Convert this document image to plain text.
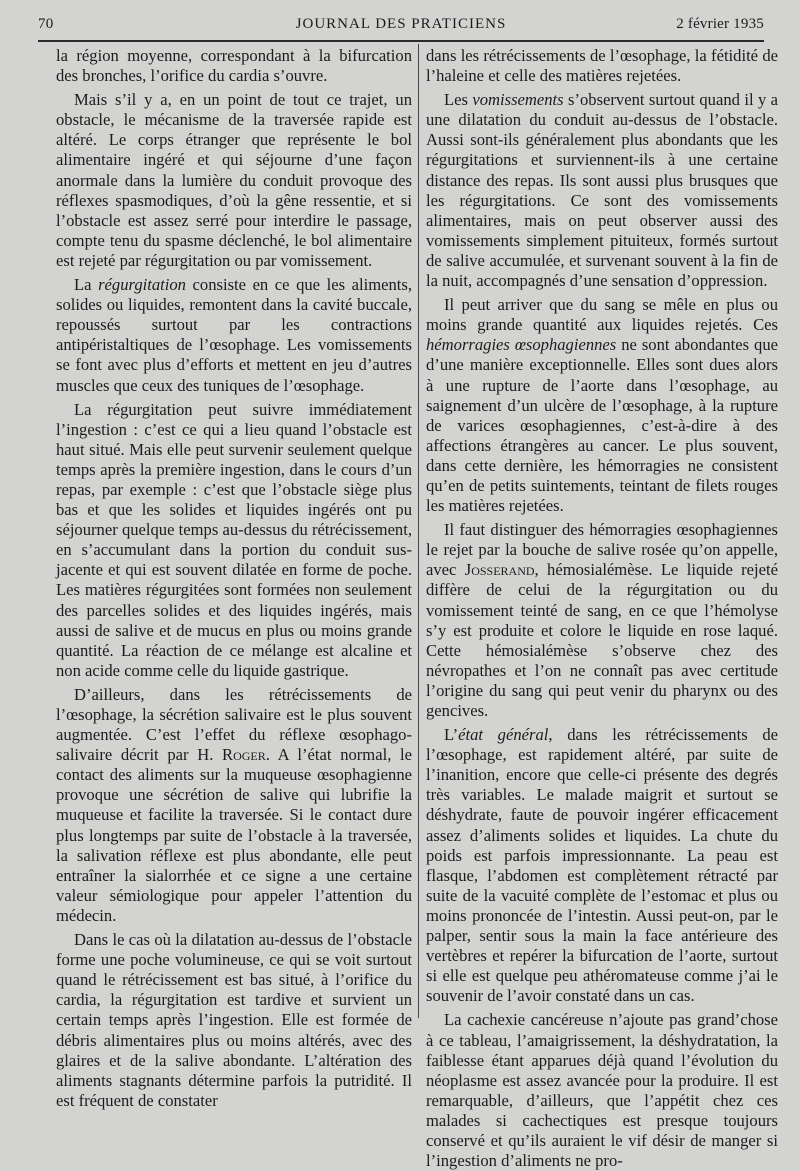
70	JOURNAL DES PRATICIENS	2 février 1935

la région moyenne, correspondant à la bifurcation des bronches, l’orifice du cardia s’ouvre.

Mais s’il y a, en un point de tout ce trajet, un obstacle, le mécanisme de la traversée rapide est altéré. Le corps étranger que représente le bol alimentaire ingéré et qui séjourne d’une façon anormale dans la lumière du conduit provoque des réflexes spasmodiques, d’où la gêne ressentie, et si l’obstacle est assez serré pour interdire le passage, compte tenu du spasme déclenché, le bol alimentaire est rejeté par régurgitation ou par vomissement.

La régurgitation consiste en ce que les aliments, solides ou liquides, remontent dans la cavité buccale, repoussés surtout par les contractions antipéristaltiques de l’œsophage. Les vomissements se font avec plus d’efforts et mettent en jeu d’autres muscles que ceux des tuniques de l’œsophage.

La régurgitation peut suivre immédiatement l’ingestion : c’est ce qui a lieu quand l’obstacle est haut situé. Mais elle peut survenir seulement quelque temps après la première ingestion, dans le cours d’un repas, par exemple : c’est que l’obstacle siège plus bas et que les solides et liquides ingérés ont pu séjourner quelque temps au-dessus du rétrécissement, en s’accumulant dans la portion du conduit sus-jacente et qui est souvent dilatée en forme de poche. Les matières régurgitées sont formées non seulement des parcelles solides et des liquides ingérés, mais aussi de salive et de mucus en plus ou moins grande quantité. La réaction de ce mélange est alcaline et non acide comme celle du liquide gastrique.

D’ailleurs, dans les rétrécissements de l’œsophage, la sécrétion salivaire est le plus souvent augmentée. C’est l’effet du réflexe œsophago-salivaire décrit par H. Roger. A l’état normal, le contact des aliments sur la muqueuse œsophagienne provoque une sécrétion de salive qui lubrifie la muqueuse et facilite la traversée. Si le contact dure plus longtemps par suite de l’obstacle à la traversée, la salivation réflexe est plus abondante, elle peut entraîner la sialorrhée et ce signe a une certaine valeur sémiologique pour appeler l’attention du médecin.

Dans le cas où la dilatation au-dessus de l’obstacle forme une poche volumineuse, ce qui se voit surtout quand le rétrécissement est bas situé, à l’orifice du cardia, la régurgitation est tardive et survient un certain temps après l’ingestion. Elle est formée de débris alimentaires plus ou moins altérés, avec des glaires et de la salive abondante. L’altération des aliments stagnants détermine parfois la putridité. Il est fréquent de constater

dans les rétrécissements de l’œsophage, la fétidité de l’haleine et celle des matières rejetées.

Les vomissements s’observent surtout quand il y a une dilatation du conduit au-dessus de l’obstacle. Aussi sont-ils généralement plus abondants que les régurgitations et surviennent-ils à une certaine distance des repas. Ils sont aussi plus brusques que les régurgitations. Ce sont des vomissements alimentaires, mais on peut observer aussi des vomissements simplement pituiteux, formés surtout de salive accumulée, et survenant souvent à la fin de la nuit, accompagnés d’une sensation d’oppression.

Il peut arriver que du sang se mêle en plus ou moins grande quantité aux liquides rejetés. Ces hémorragies œsophagiennes ne sont abondantes que d’une manière exceptionnelle. Elles sont dues alors à une rupture de l’aorte dans l’œsophage, au saignement d’un ulcère de l’œsophage, à la rupture de varices œsophagiennes, c’est-à-dire à des affections étrangères au cancer. Le plus souvent, dans cette dernière, les hémorragies ne consistent qu’en de petits suintements, teintant de filets rouges les matières rejetées.

Il faut distinguer des hémorragies œsophagiennes le rejet par la bouche de salive rosée qu’on appelle, avec Josserand, hémosialémèse. Le liquide rejeté diffère de celui de la régurgitation ou du vomissement teinté de sang, en ce que l’hémolyse s’y est produite et colore le liquide en rose laqué. Cette hémosialémèse s’observe chez des névropathes et l’on ne connaît pas avec certitude l’origine du sang qui peut venir du pharynx ou des gencives.

L’état général, dans les rétrécissements de l’œsophage, est rapidement altéré, par suite de l’inanition, encore que celle-ci présente des degrés très variables. Le malade maigrit et surtout se déshydrate, faute de pouvoir ingérer efficacement assez d’aliments solides et liquides. La chute du poids est parfois impressionnante. La peau est flasque, l’abdomen est complètement rétracté par suite de la vacuité complète de l’estomac et plus ou moins prononcée de l’intestin. Aussi peut-on, par le palper, sentir sous la main la face antérieure des vertèbres et repérer la bifurcation de l’aorte, surtout si elle est quelque peu athéromateuse comme j’ai le souvenir de l’avoir constaté dans un cas.

La cachexie cancéreuse n’ajoute pas grand’chose à ce tableau, l’amaigrissement, la déshydratation, la faiblesse étant apparues déjà quand l’évolution du néoplasme est assez avancée pour la produire. Il est remarquable, d’ailleurs, que l’appétit chez ces malades si cachectiques est presque toujours conservé et qu’ils auraient le vif désir de manger si l’ingestion d’aliments ne pro-
